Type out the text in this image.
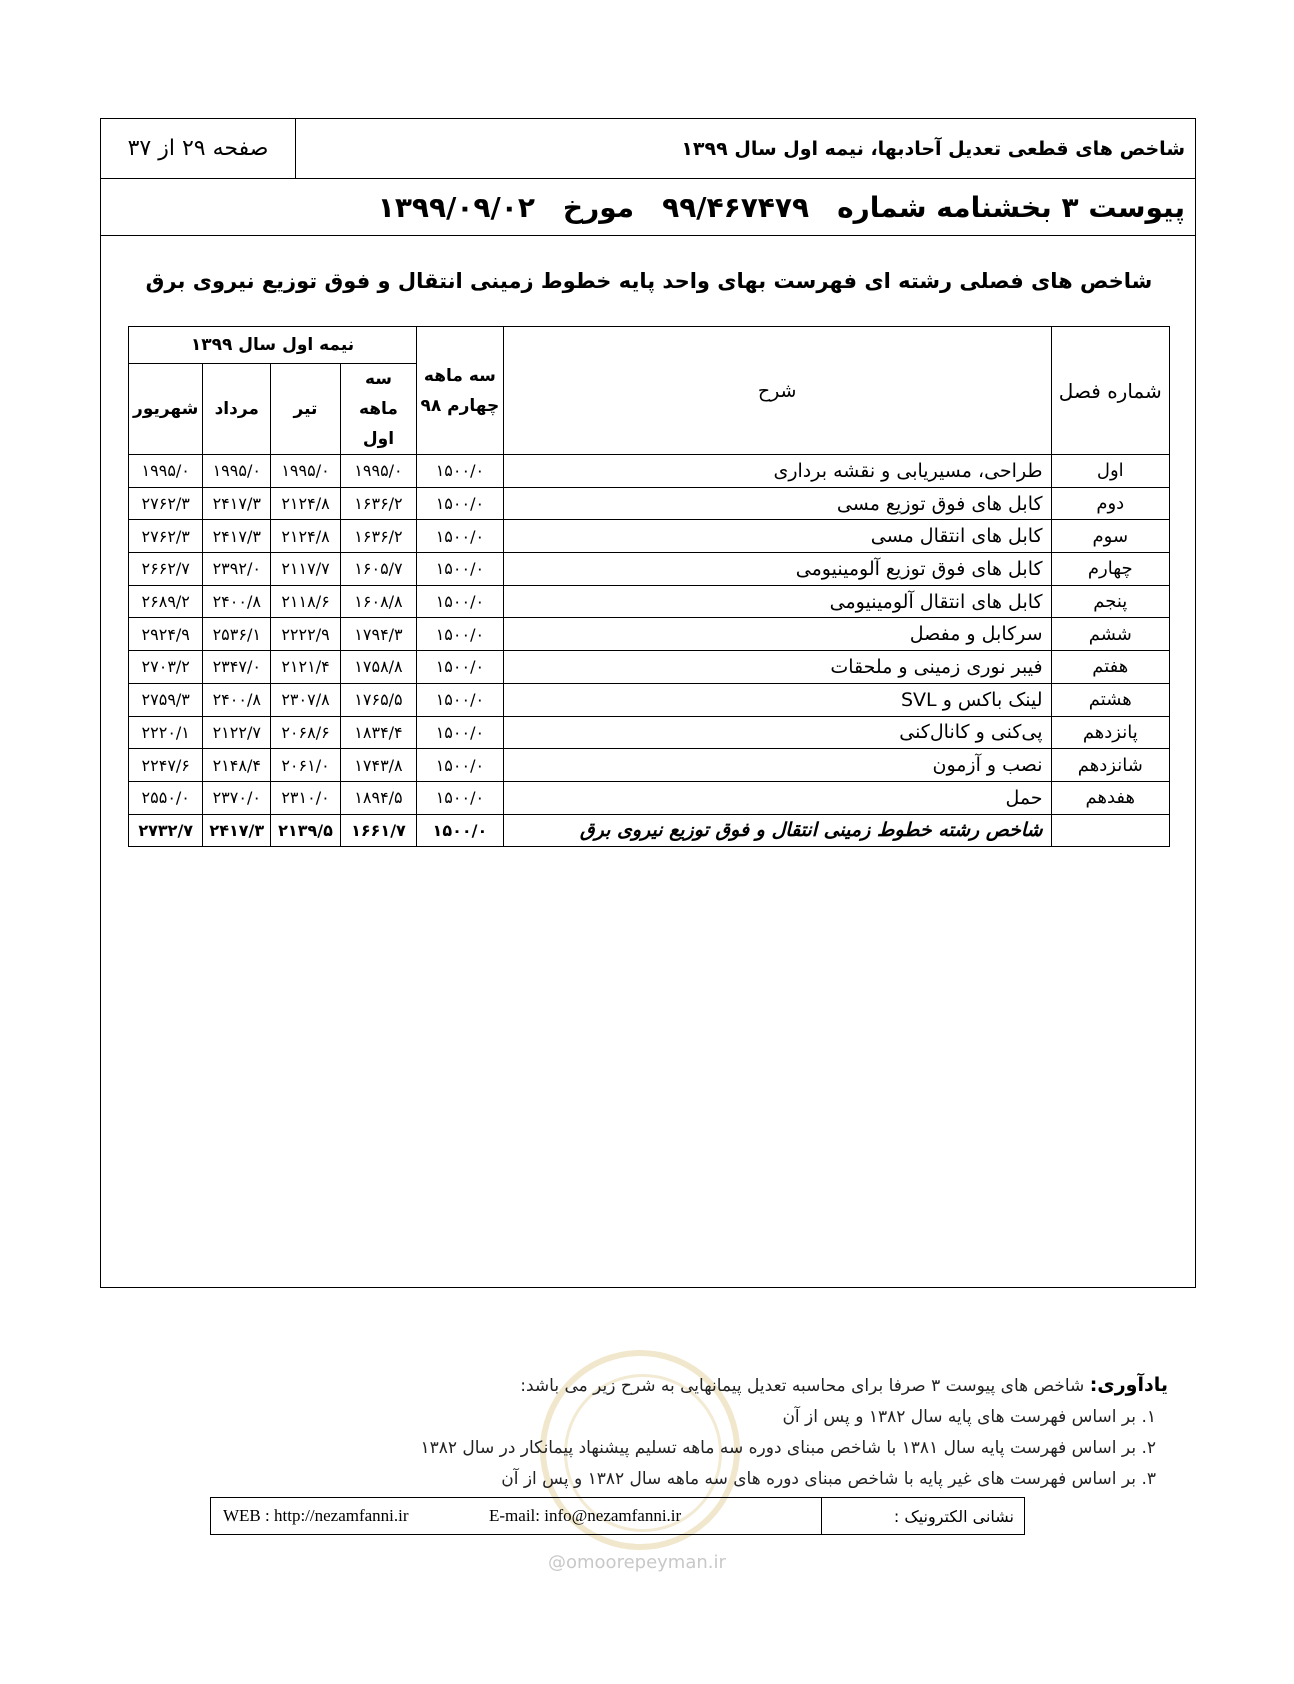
صفحه ۲۹ از ۳۷	شاخص های قطعی تعدیل آحادبها، نیمه اول سال ۱۳۹۹
پیوست ۳ بخشنامه شماره
۹۹/۴۶۷۴۷۹
مورخ
۱۳۹۹/۰۹/۰۲
شاخص های فصلی رشته ای فهرست بهای واحد پایه خطوط زمینی انتقال و فوق توزیع نیروی برق
شماره فصل	شرح	سه ماهه چهارم ۹۸	نیمه اول سال ۱۳۹۹			
			سه ماهه اول	تیر	مرداد	شهریور
اول	طراحی، مسیریابی و نقشه برداری	۱۵۰۰/۰	۱۹۹۵/۰	۱۹۹۵/۰	۱۹۹۵/۰	۱۹۹۵/۰
دوم	کابل های فوق توزیع مسی	۱۵۰۰/۰	۱۶۳۶/۲	۲۱۲۴/۸	۲۴۱۷/۳	۲۷۶۲/۳
سوم	کابل های انتقال مسی	۱۵۰۰/۰	۱۶۳۶/۲	۲۱۲۴/۸	۲۴۱۷/۳	۲۷۶۲/۳
چهارم	کابل های فوق توزیع آلومینیومی	۱۵۰۰/۰	۱۶۰۵/۷	۲۱۱۷/۷	۲۳۹۲/۰	۲۶۶۲/۷
پنجم	کابل های انتقال آلومینیومی	۱۵۰۰/۰	۱۶۰۸/۸	۲۱۱۸/۶	۲۴۰۰/۸	۲۶۸۹/۲
ششم	سرکابل و مفصل	۱۵۰۰/۰	۱۷۹۴/۳	۲۲۲۲/۹	۲۵۳۶/۱	۲۹۲۴/۹
هفتم	فیبر نوری زمینی و ملحقات	۱۵۰۰/۰	۱۷۵۸/۸	۲۱۲۱/۴	۲۳۴۷/۰	۲۷۰۳/۲
هشتم	لینک باکس و SVL	۱۵۰۰/۰	۱۷۶۵/۵	۲۳۰۷/۸	۲۴۰۰/۸	۲۷۵۹/۳
پانزدهم	پی‌کنی و کانال‌کنی	۱۵۰۰/۰	۱۸۳۴/۴	۲۰۶۸/۶	۲۱۲۲/۷	۲۲۲۰/۱
شانزدهم	نصب و آزمون	۱۵۰۰/۰	۱۷۴۳/۸	۲۰۶۱/۰	۲۱۴۸/۴	۲۲۴۷/۶
هفدهم	حمل	۱۵۰۰/۰	۱۸۹۴/۵	۲۳۱۰/۰	۲۳۷۰/۰	۲۵۵۰/۰
	شاخص رشته خطوط زمینی انتقال و فوق توزیع نیروی برق	۱۵۰۰/۰	۱۶۶۱/۷	۲۱۳۹/۵	۲۴۱۷/۳	۲۷۳۲/۷
یادآوری: شاخص های پیوست ۳ صرفا برای محاسبه تعدیل پیمانهایی به شرح زیر می باشد:
۱. بر اساس فهرست های پایه سال ۱۳۸۲ و پس از آن
۲. بر اساس فهرست پایه سال ۱۳۸۱ با شاخص مبنای دوره سه ماهه تسلیم پیشنهاد پیمانکار در سال ۱۳۸۲
۳. بر اساس فهرست های غیر پایه با شاخص مبنای دوره های سه ماهه سال ۱۳۸۲ و پس از آن
نشانی الکترونیک :
WEB : http://nezamfanni.ir	E-mail: info@nezamfanni.ir
@omoorepeyman.ir
